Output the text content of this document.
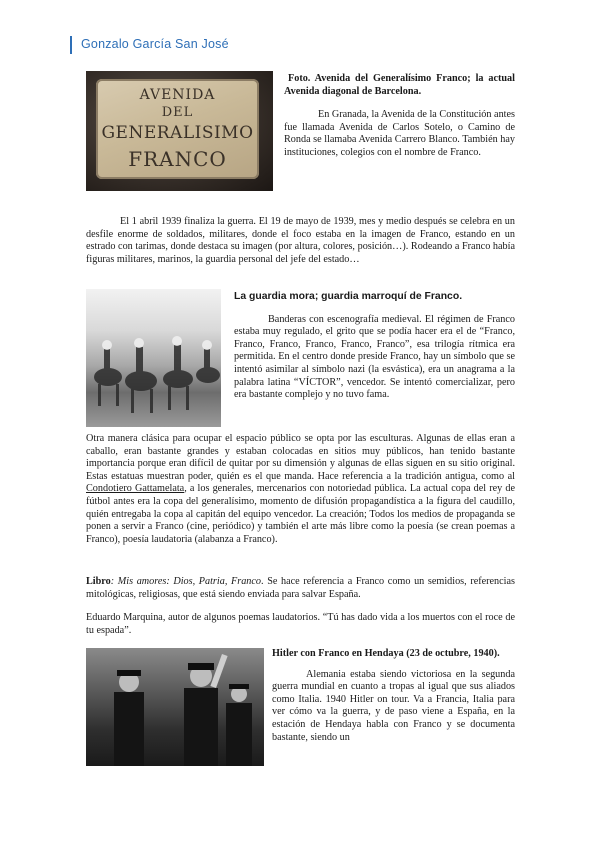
Gonzalo García San José
AVENIDA
DEL
GENERALISIMO
FRANCO

Foto. Avenida del Generalísimo Franco; la actual Avenida diagonal de Barcelona.

En Granada, la Avenida de la Constitución antes fue llamada Avenida de Carlos Sotelo, o Camino de Ronda se llamaba Avenida Carrero Blanco. También hay instituciones, colegios con el nombre de Franco.

El 1 abril 1939 finaliza la guerra. El 19 de mayo de 1939, mes y medio después se celebra en un desfile enorme de soldados, militares, donde el foco estaba en la imagen de Franco, estando en un estrado con tarimas, donde destaca su imagen (por altura, colores, posición…). Rodeando a Franco había figuras militares, marinos, la guardia personal del jefe del estado…

La guardia mora; guardia marroquí de Franco.

Banderas con escenografía medieval. El régimen de Franco estaba muy regulado, el grito que se podía hacer era el de “Franco, Franco, Franco, Franco, Franco, Franco”, esa trilogía rítmica era permitida. En el centro donde preside Franco, hay un símbolo que se intentó asimilar al símbolo nazi (la esvástica), era un anagrama a la palabra latina “VÍCTOR”, vencedor. Se intentó comercializar, pero era bastante complejo y no tuvo fama.

Otra manera clásica para ocupar el espacio público se opta por las esculturas. Algunas de ellas eran a caballo, eran bastante grandes y estaban colocadas en sitios muy públicos, han tenido bastante importancia porque eran difícil de quitar por su dimensión y algunas de ellas siguen en su sitio original. Estas estatuas muestran poder, quién es el que manda. Hace referencia a la tradición antigua, como al Condotiero Gattamelata, a los generales, mercenarios con notoriedad pública. La actual copa del rey de fútbol antes era la copa del generalísimo, momento de difusión propagandística a la figura del caudillo, quién entregaba la copa al capitán del equipo vencedor. La creación; Todos los medios de propaganda se ponen a servir a Franco (cine, periódico) y también el arte más libre como la poesía (se crean poemas a Franco), poesía laudatoria (alabanza a Franco).

Libro: Mis amores: Dios, Patria, Franco. Se hace referencia a Franco como un semidios, referencias mitológicas, religiosas, que está siendo enviada para salvar España.

Eduardo Marquina, autor de algunos poemas laudatorios. “Tú has dado vida a los muertos con el roce de tu espada”.

Hitler con Franco en Hendaya (23 de octubre, 1940).

Alemania estaba siendo victoriosa en la segunda guerra mundial en cuanto a tropas al igual que sus aliados como Italia. 1940 Hitler on tour. Va a Francia, Italia para ver cómo va la guerra, y de paso viene a España, en la estación de Hendaya habla con Franco y se documenta bastante, siendo un
